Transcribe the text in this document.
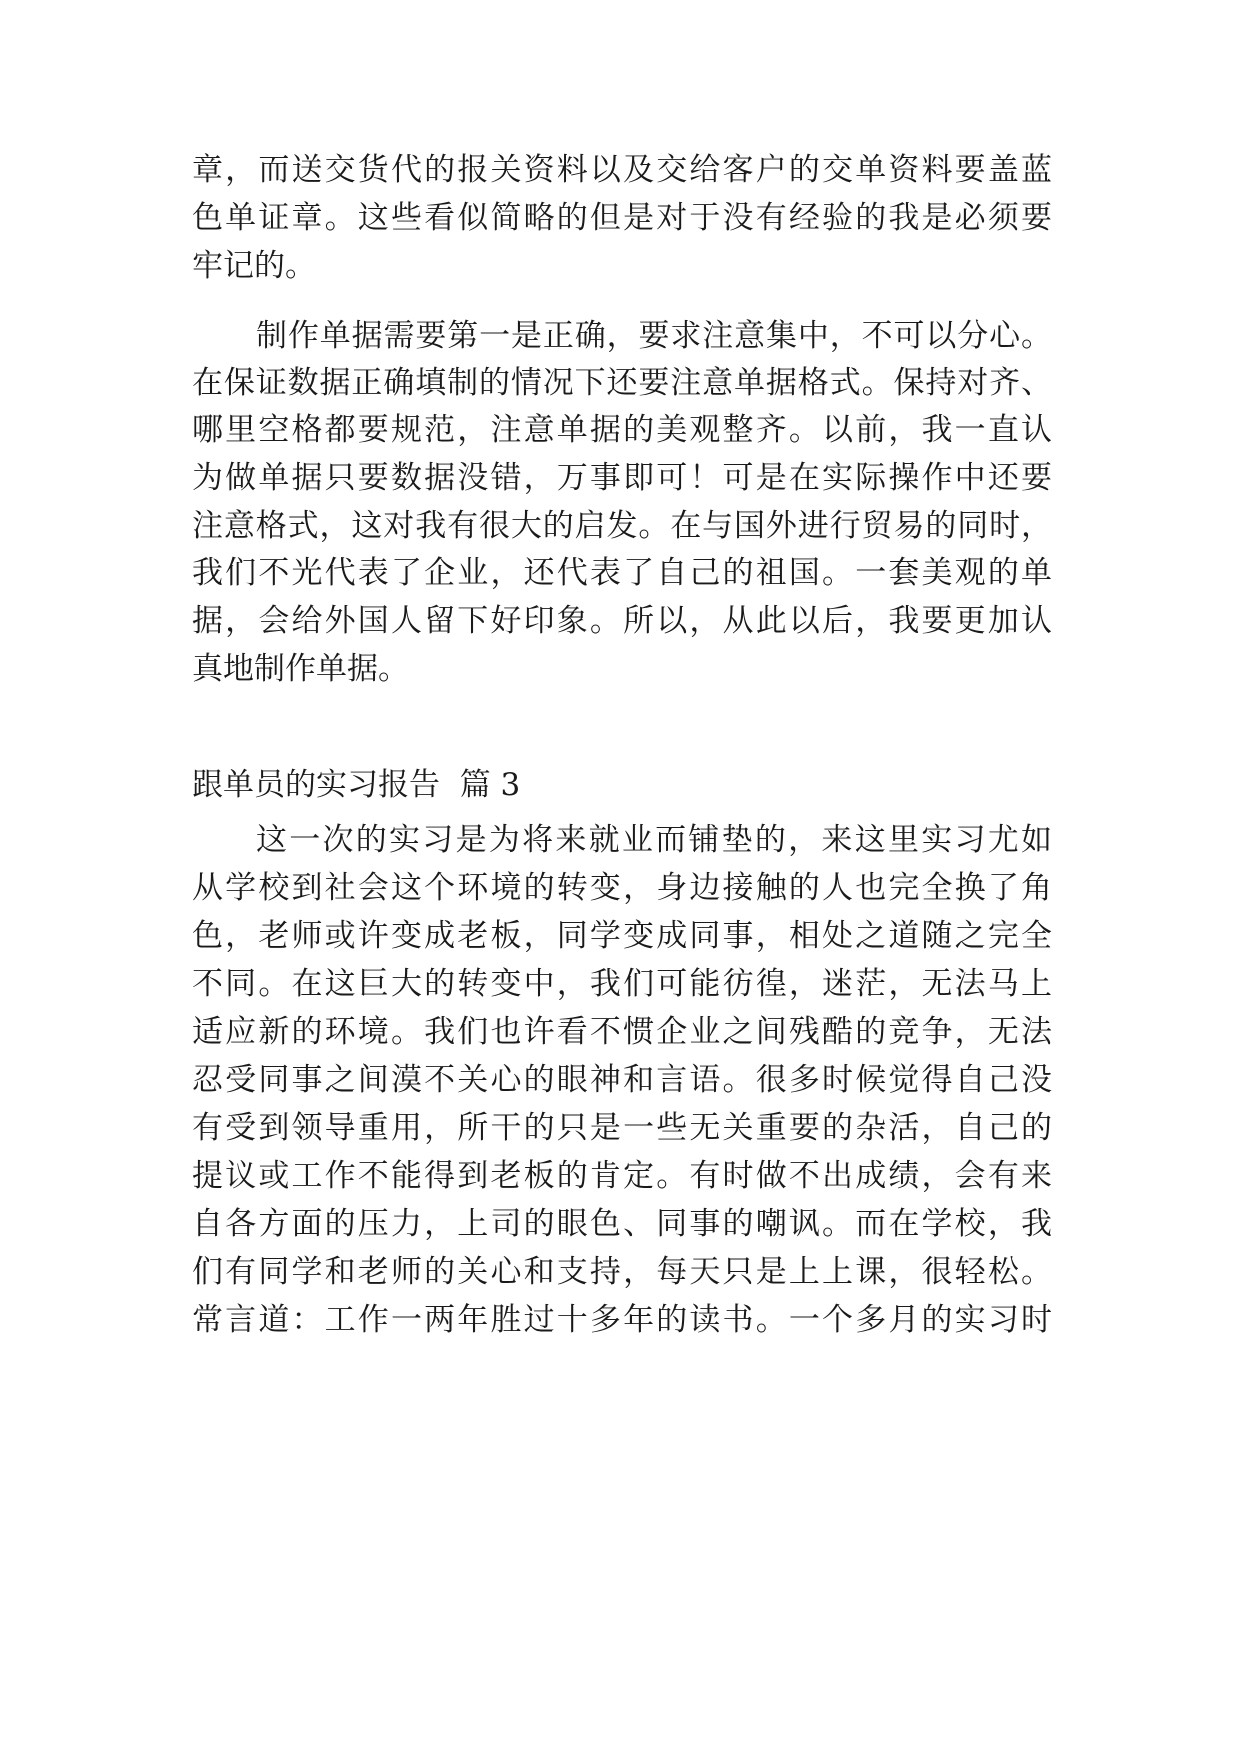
章，而送交货代的报关资料以及交给客户的交单资料要盖蓝
色单证章。这些看似简略的但是对于没有经验的我是必须要
牢记的。
制作单据需要第一是正确，要求注意集中，不可以分心。
在保证数据正确填制的情况下还要注意单据格式。保持对齐、
哪里空格都要规范，注意单据的美观整齐。以前，我一直认
为做单据只要数据没错，万事即可！可是在实际操作中还要
注意格式，这对我有很大的启发。在与国外进行贸易的同时，
我们不光代表了企业，还代表了自己的祖国。一套美观的单
据，会给外国人留下好印象。所以，从此以后，我要更加认
真地制作单据。
跟单员的实习报告  篇 3
这一次的实习是为将来就业而铺垫的，来这里实习尤如
从学校到社会这个环境的转变，身边接触的人也完全换了角
色，老师或许变成老板，同学变成同事，相处之道随之完全
不同。在这巨大的转变中，我们可能彷徨，迷茫，无法马上
适应新的环境。我们也许看不惯企业之间残酷的竞争，无法
忍受同事之间漠不关心的眼神和言语。很多时候觉得自己没
有受到领导重用，所干的只是一些无关重要的杂活，自己的
提议或工作不能得到老板的肯定。有时做不出成绩，会有来
自各方面的压力，上司的眼色、同事的嘲讽。而在学校，我
们有同学和老师的关心和支持，每天只是上上课，很轻松。
常言道：工作一两年胜过十多年的读书。一个多月的实习时
